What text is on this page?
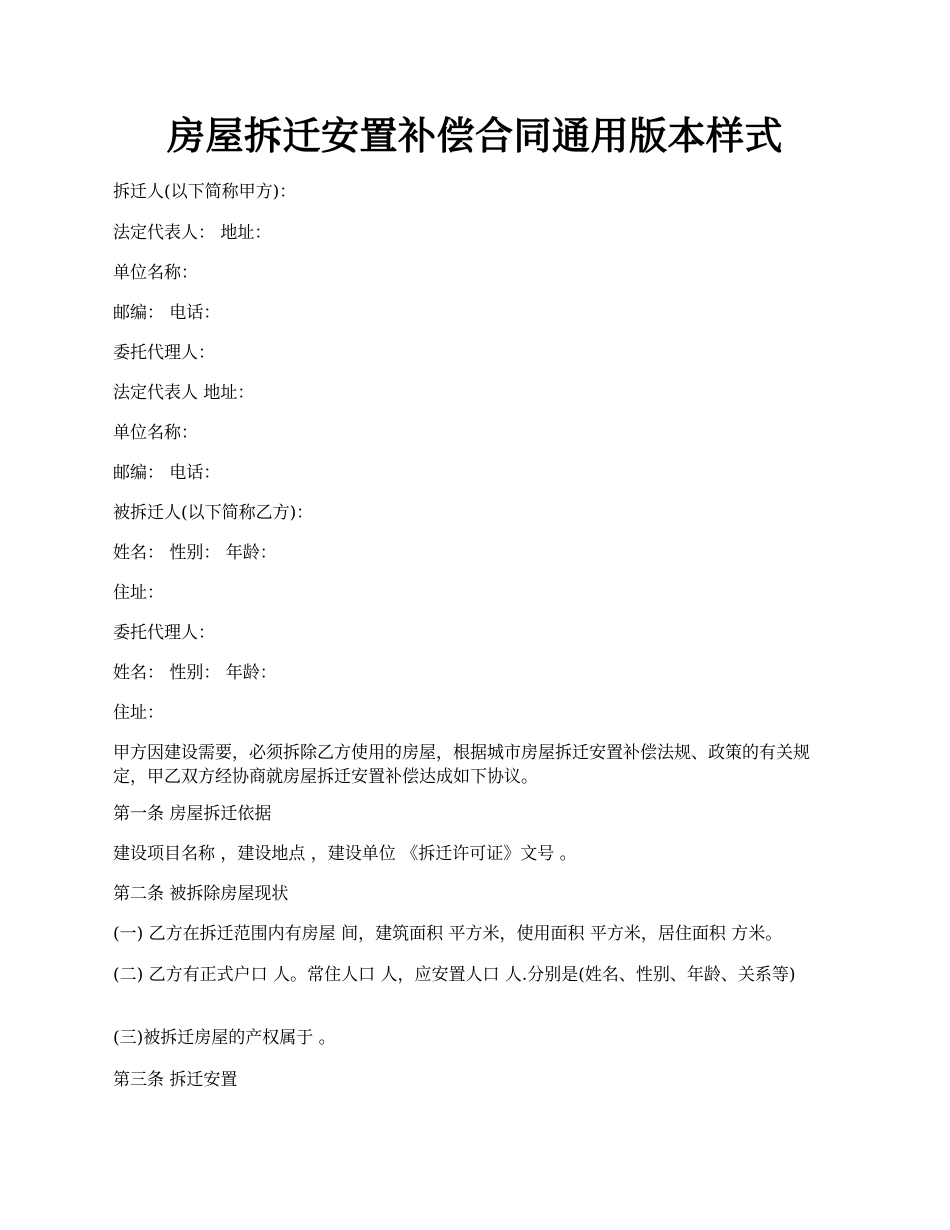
房屋拆迁安置补偿合同通用版本样式

拆迁人(以下简称甲方)：

法定代表人： 地址：

单位名称：

邮编： 电话：

委托代理人：

法定代表人 地址：

单位名称：

邮编： 电话：

被拆迁人(以下简称乙方)：

姓名： 性别： 年龄：

住址：

委托代理人：

姓名： 性别： 年龄：

住址：

甲方因建设需要，必须拆除乙方使用的房屋，根据城市房屋拆迁安置补偿法规、政策的有关规定，甲乙双方经协商就房屋拆迁安置补偿达成如下协议。

第一条 房屋拆迁依据

建设项目名称 ，建设地点 ，建设单位 《拆迁许可证》文号 。

第二条 被拆除房屋现状

(一) 乙方在拆迁范围内有房屋 间，建筑面积 平方米，使用面积 平方米，居住面积 方米。

(二) 乙方有正式户口 人。常住人口 人，应安置人口 人.分别是(姓名、性别、年龄、关系等)

(三)被拆迁房屋的产权属于 。

第三条 拆迁安置
